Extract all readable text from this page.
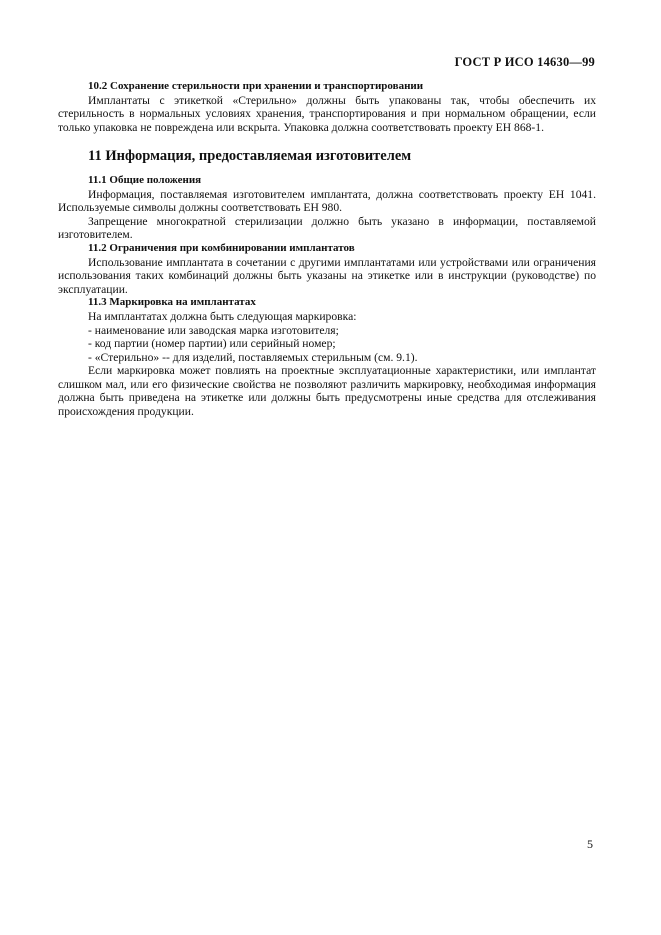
ГОСТ Р ИСО 14630—99

10.2 Сохранение стерильности при хранении и транспортировании

Имплантаты с этикеткой «Стерильно» должны быть упакованы так, чтобы обеспечить их стерильность в нормальных условиях хранения, транспортирования и при нормальном обращении, если только упаковка не повреждена или вскрыта. Упаковка должна соответствовать проекту ЕН 868-1.

11 Информация, предоставляемая изготовителем

11.1 Общие положения

Информация, поставляемая изготовителем имплантата, должна соответствовать проекту ЕН 1041. Используемые символы должны соответствовать ЕН 980.

Запрещение многократной стерилизации должно быть указано в информации, поставляемой изготовителем.

11.2 Ограничения при комбинировании имплантатов

Использование имплантата в сочетании с другими имплантатами или устройствами или ограничения использования таких комбинаций должны быть указаны на этикетке или в инструкции (руководстве) по эксплуатации.

11.3 Маркировка на имплантатах

На имплантатах должна быть следующая маркировка:

- наименование или заводская марка изготовителя;

- код партии (номер партии) или серийный номер;

- «Стерильно» -- для изделий, поставляемых стерильным (см. 9.1).

Если маркировка может повлиять на проектные эксплуатационные характеристики, или имплантат слишком мал, или его физические свойства не позволяют различить маркировку, необходимая информация должна быть приведена на этикетке или должны быть предусмотрены иные средства для отслеживания происхождения продукции.

5
